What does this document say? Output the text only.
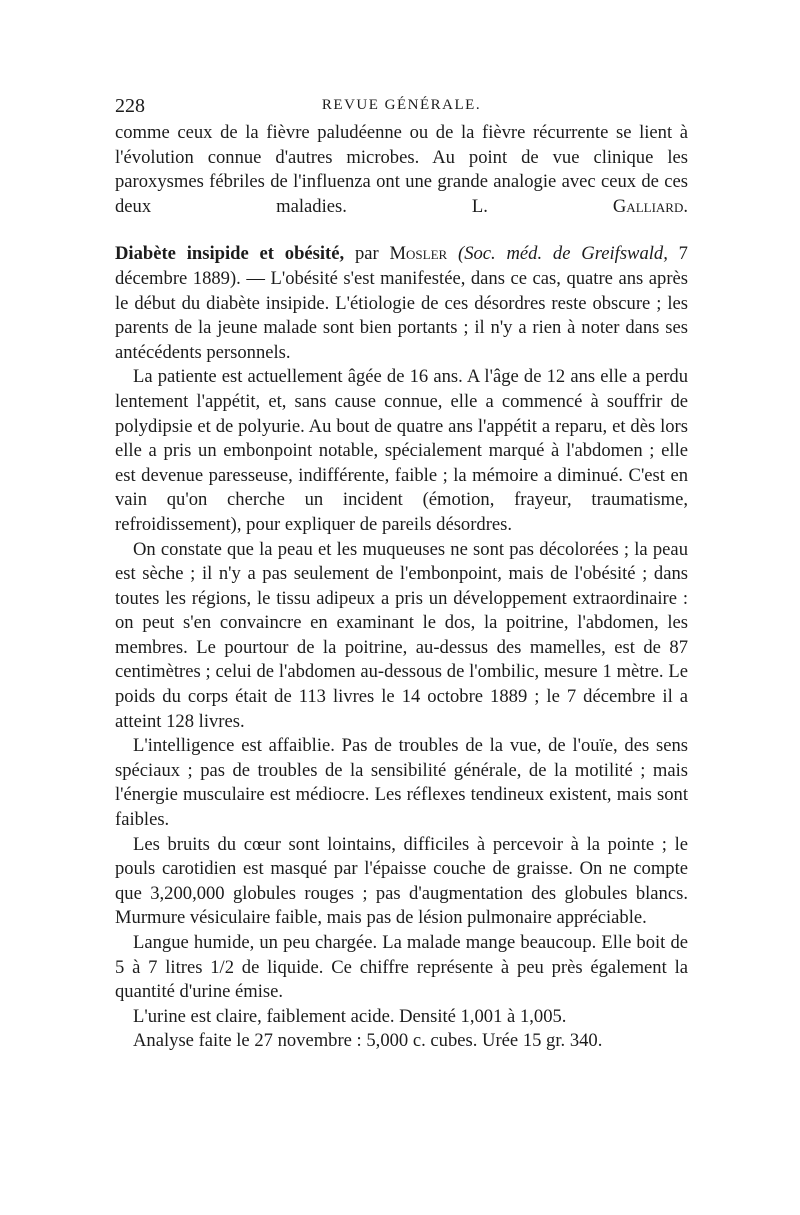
228	REVUE GÉNÉRALE.

comme ceux de la fièvre paludéenne ou de la fièvre récurrente se lient à l'évolution connue d'autres microbes. Au point de vue clinique les paroxysmes fébriles de l'influenza ont une grande analogie avec ceux de ces deux maladies.	L. Galliard.

Diabète insipide et obésité, par Mosler (Soc. méd. de Greifswald, 7 décembre 1889). — L'obésité s'est manifestée, dans ce cas, quatre ans après le début du diabète insipide. L'étiologie de ces désordres reste obscure ; les parents de la jeune malade sont bien portants ; il n'y a rien à noter dans ses antécédents personnels.

La patiente est actuellement âgée de 16 ans. A l'âge de 12 ans elle a perdu lentement l'appétit, et, sans cause connue, elle a commencé à souffrir de polydipsie et de polyurie. Au bout de quatre ans l'appétit a reparu, et dès lors elle a pris un embonpoint notable, spécialement marqué à l'abdomen ; elle est devenue paresseuse, indifférente, faible ; la mémoire a diminué. C'est en vain qu'on cherche un incident (émotion, frayeur, traumatisme, refroidissement), pour expliquer de pareils désordres.

On constate que la peau et les muqueuses ne sont pas décolorées ; la peau est sèche ; il n'y a pas seulement de l'embonpoint, mais de l'obésité ; dans toutes les régions, le tissu adipeux a pris un développement extraordinaire : on peut s'en convaincre en examinant le dos, la poitrine, l'abdomen, les membres. Le pourtour de la poitrine, au-dessus des mamelles, est de 87 centimètres ; celui de l'abdomen au-dessous de l'ombilic, mesure 1 mètre. Le poids du corps était de 113 livres le 14 octobre 1889 ; le 7 décembre il a atteint 128 livres.

L'intelligence est affaiblie. Pas de troubles de la vue, de l'ouïe, des sens spéciaux ; pas de troubles de la sensibilité générale, de la motilité ; mais l'énergie musculaire est médiocre. Les réflexes tendineux existent, mais sont faibles.

Les bruits du cœur sont lointains, difficiles à percevoir à la pointe ; le pouls carotidien est masqué par l'épaisse couche de graisse. On ne compte que 3,200,000 globules rouges ; pas d'augmentation des globules blancs. Murmure vésiculaire faible, mais pas de lésion pulmonaire appréciable.

Langue humide, un peu chargée. La malade mange beaucoup. Elle boit de 5 à 7 litres 1/2 de liquide. Ce chiffre représente à peu près également la quantité d'urine émise.

L'urine est claire, faiblement acide. Densité 1,001 à 1,005.

Analyse faite le 27 novembre : 5,000 c. cubes. Urée 15 gr. 340.
